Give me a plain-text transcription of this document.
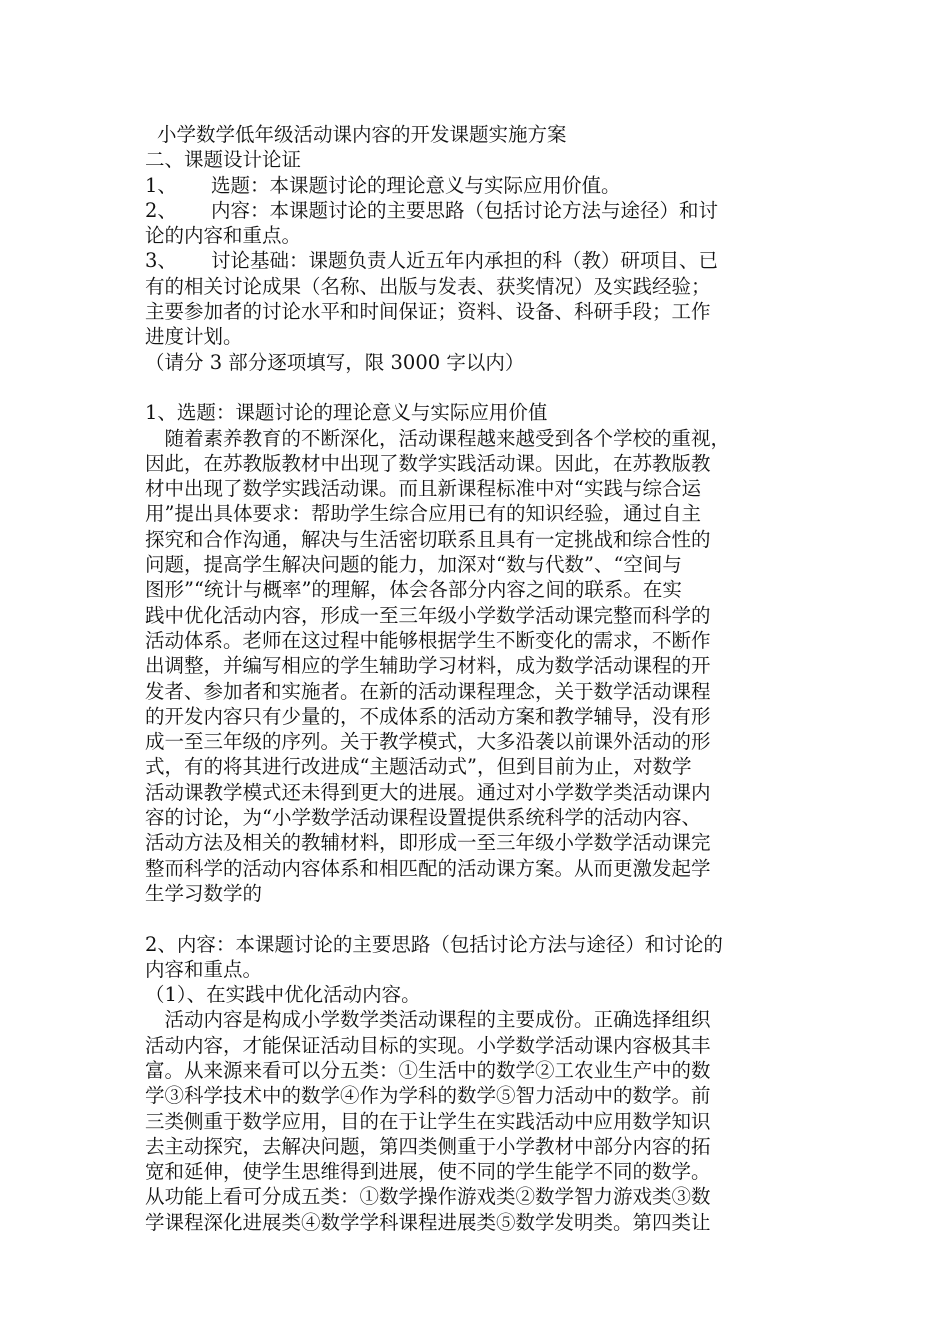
小学数学低年级活动课内容的开发课题实施方案
二、课题设计论证
1、 选题：本课题讨论的理论意义与实际应用价值。
2、 内容：本课题讨论的主要思路（包括讨论方法与途径）和讨
论的内容和重点。
3、 讨论基础：课题负责人近五年内承担的科（教）研项目、已
有的相关讨论成果（名称、出版与发表、获奖情况）及实践经验；
主要参加者的讨论水平和时间保证；资料、设备、科研手段；工作
进度计划。
（请分 3 部分逐项填写，限 3000 字以内）
1、选题：课题讨论的理论意义与实际应用价值
　随着素养教育的不断深化，活动课程越来越受到各个学校的重视，
因此，在苏教版教材中出现了数学实践活动课。因此，在苏教版教
材中出现了数学实践活动课。而且新课程标准中对“实践与综合运
用”提出具体要求：帮助学生综合应用已有的知识经验，通过自主
探究和合作沟通，解决与生活密切联系且具有一定挑战和综合性的
问题，提高学生解决问题的能力，加深对“数与代数”、“空间与
图形”“统计与概率”的理解，体会各部分内容之间的联系。在实
践中优化活动内容，形成一至三年级小学数学活动课完整而科学的
活动体系。老师在这过程中能够根据学生不断变化的需求，不断作
出调整，并编写相应的学生辅助学习材料，成为数学活动课程的开
发者、参加者和实施者。在新的活动课程理念，关于数学活动课程
的开发内容只有少量的，不成体系的活动方案和教学辅导，没有形
成一至三年级的序列。关于教学模式，大多沿袭以前课外活动的形
式，有的将其进行改进成“主题活动式”，但到目前为止，对数学
活动课教学模式还未得到更大的进展。通过对小学数学类活动课内
容的讨论，为“小学数学活动课程设置提供系统科学的活动内容、
活动方法及相关的教辅材料，即形成一至三年级小学数学活动课完
整而科学的活动内容体系和相匹配的活动课方案。从而更激发起学
生学习数学的
2、内容：本课题讨论的主要思路（包括讨论方法与途径）和讨论的
内容和重点。
（1）、在实践中优化活动内容。
　活动内容是构成小学数学类活动课程的主要成份。正确选择组织
活动内容，才能保证活动目标的实现。小学数学活动课内容极其丰
富。从来源来看可以分五类：①生活中的数学②工农业生产中的数
学③科学技术中的数学④作为学科的数学⑤智力活动中的数学。前
三类侧重于数学应用，目的在于让学生在实践活动中应用数学知识
去主动探究，去解决问题，第四类侧重于小学教材中部分内容的拓
宽和延伸，使学生思维得到进展，使不同的学生能学不同的数学。
从功能上看可分成五类：①数学操作游戏类②数学智力游戏类③数
学课程深化进展类④数学学科课程进展类⑤数学发明类。第四类让
